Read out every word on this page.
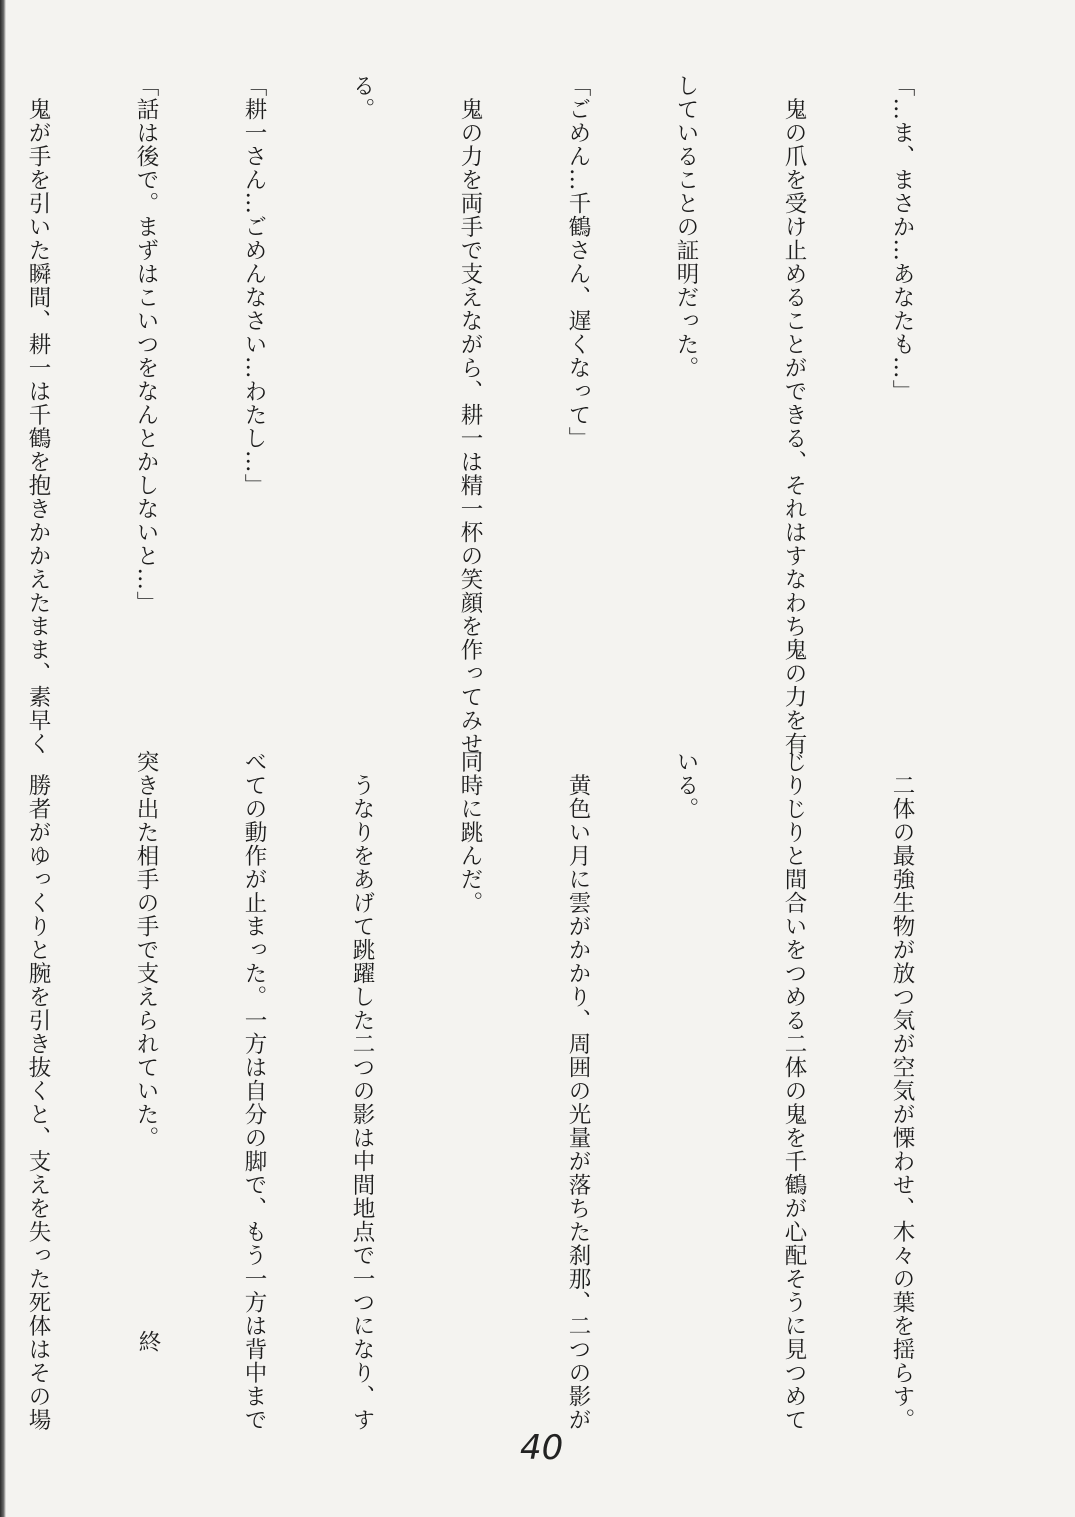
「…ま、まさか…あなたも…」

　鬼の爪を受け止めることができる、それはすなわち鬼の力を有

していることの証明だった。

「ごめん…千鶴さん、遅くなって」

　鬼の力を両手で支えながら、耕一は精一杯の笑顔を作ってみせ

る。

「耕一さん…ごめんなさい…わたし…」

「話は後で。まずはこいつをなんとかしないと…」

　鬼が手を引いた瞬間、耕一は千鶴を抱きかかえたまま、素早く

　二体の最強生物が放つ気が空気が慄わせ、木々の葉を揺らす。

じりじりと間合いをつめる二体の鬼を千鶴が心配そうに見つめて

いる。

　黄色い月に雲がかかり、周囲の光量が落ちた刹那、二つの影が

同時に跳んだ。

　うなりをあげて跳躍した二つの影は中間地点で一つになり、す

べての動作が止まった。一方は自分の脚で、もう一方は背中まで

突き出た相手の手で支えられていた。

　勝者がゆっくりと腕を引き抜くと、支えを失った死体はその場

	終
40
